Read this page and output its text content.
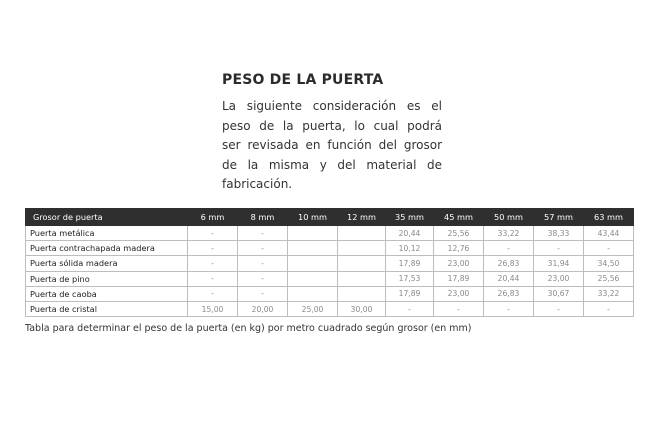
PESO DE LA PUERTA

La siguiente consideración es el
peso de la puerta, lo cual podrá
ser revisada en función del grosor
de la misma y del material de
fabricación.

Grosor de puerta	6 mm	8 mm	10 mm	12 mm	35 mm	45 mm	50 mm	57 mm	63 mm
Puerta metálica	-	-			20,44	25,56	33,22	38,33	43,44
Puerta contrachapada madera	-	-			10,12	12,76	-	-	-
Puerta sólida madera	-	-			17,89	23,00	26,83	31,94	34,50
Puerta de pino	-	-			17,53	17,89	20,44	23,00	25,56
Puerta de caoba	-	-			17,89	23,00	26,83	30,67	33,22
Puerta de cristal	15,00	20,00	25,00	30,00	-	-	-	-	-

Tabla para determinar el peso de la puerta (en kg) por metro cuadrado según grosor (en mm)
